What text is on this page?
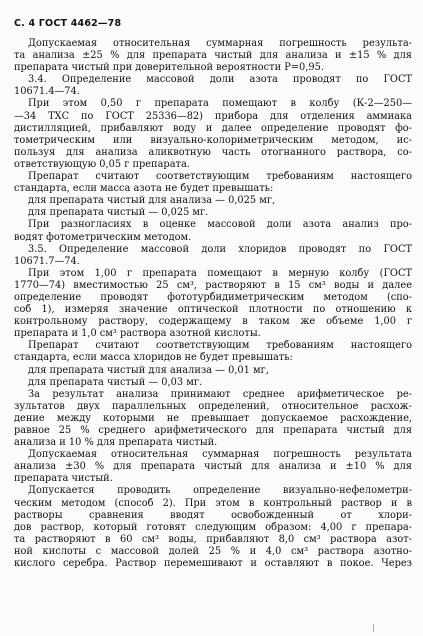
С. 4 ГОСТ 4462—78
Допускаемая относительная суммарная погрешность результа-
та анализа ±25 % для препарата чистый для анализа и ±15 % для
препарата чистый при доверительной вероятности P=0,95.
3.4. Определение массовой доли азота проводят по ГОСТ
10671.4—74.
При этом 0,50 г препарата помещают в колбу (К-2—250—
—34 ТХС по ГОСТ 25336—82) прибора для отделения аммиака
дистилляцией, прибавляют воду и далее определение проводят фо-
тометрическим или визуально-колориметрическим методом, ис-
пользуя для анализа аликвотную часть отогнанного раствора, со-
ответствующую 0,05 г препарата.
Препарат считают соответствующим требованиям настоящего
стандарта, если масса азота не будет превышать:
для препарата чистый для анализа — 0,025 мг,
для препарата чистый — 0,025 мг.
При разногласиях в оценке массовой доли азота анализ про-
водят фотометрическим методом.
3.5. Определение массовой доли хлоридов проводят по ГОСТ
10671.7—74.
При этом 1,00 г препарата помещают в мерную колбу (ГОСТ
1770—74) вместимостью 25 см³, растворяют в 15 см³ воды и далее
определение проводят фототурбидиметрическим методом (спо-
соб 1), измеряя значение оптической плотности по отношению к
контрольному раствору, содержащему в таком же объеме 1,00 г
препарата и 1,0 см³ раствора азотной кислоты.
Препарат считают соответствующим требованиям настоящего
стандарта, если масса хлоридов не будет превышать:
для препарата чистый для анализа — 0,01 мг,
для препарата чистый — 0,03 мг.
За результат анализа принимают среднее арифметическое ре-
зультатов двух параллельных определений, относительное расхож-
дение между которыми не превышает допускаемое расхождение,
равное 25 % среднего арифметического для препарата чистый для
анализа и 10 % для препарата чистый.
Допускаемая относительная суммарная погрешность результата
анализа ±30 % для препарата чистый для анализа и ±10 % для
препарата чистый.
Допускается проводить определение визуально-нефелометри-
ческим методом (способ 2). При этом в контрольный раствор и в
растворы сравнения вводят освобожденный от хлори-
дов раствор, который готовят следующим образом: 4,00 г препара-
та растворяют в 60 см³ воды, прибавляют 8,0 см³ раствора азот-
ной кислоты с массовой долей 25 % и 4,0 см³ раствора азотно-
кислого серебра. Раствор перемешивают и оставляют в покое. Через
